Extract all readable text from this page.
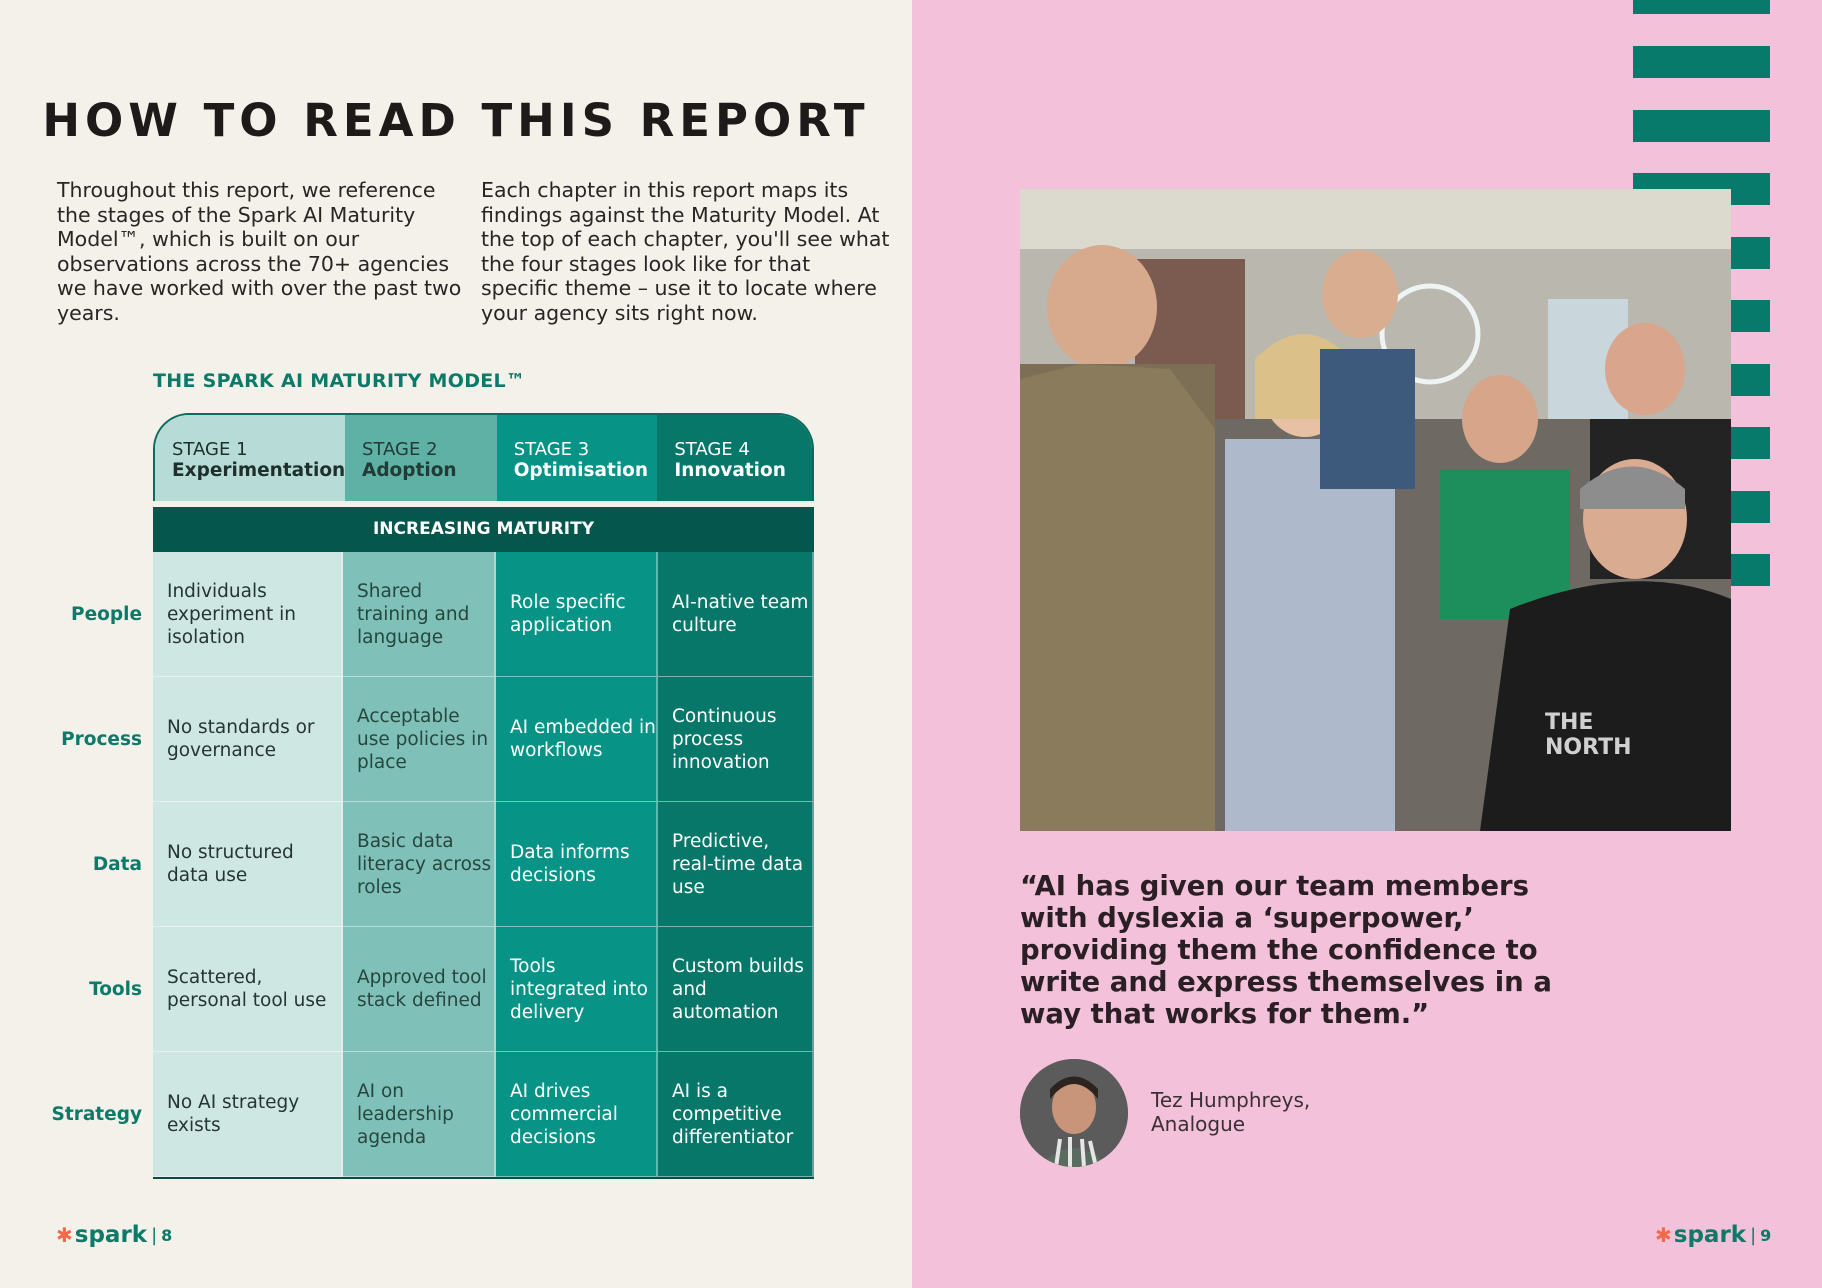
HOW TO READ THIS REPORT
Throughout this report, we reference the stages of the Spark AI Maturity Model™, which is built on our observations across the 70+ agencies we have worked with over the past two years.
Each chapter in this report maps its findings against the Maturity Model. At the top of each chapter, you'll see what the four stages look like for that specific theme – use it to locate where your agency sits right now.
THE SPARK AI MATURITY MODEL™
STAGE 1
Experimentation
STAGE 2
Adoption
STAGE 3
Optimisation
STAGE 4
Innovation
INCREASING MATURITY
People
Process
Data
Tools
Strategy
Individuals experiment in isolation
Shared training and language
Role specific application
AI-native team culture
No standards or governance
Acceptable use policies in place
AI embedded in workflows
Continuous process innovation
No structured data use
Basic data literacy across roles
Data informs decisions
Predictive, real-time data use
Scattered, personal tool use
Approved tool stack defined
Tools integrated into delivery
Custom builds and automation
No AI strategy exists
AI on leadership agenda
AI drives commercial decisions
AI is a competitive differentiator
✱ spark | 8
THE
NORTH
“AI has given our team members with dyslexia a ‘superpower,’ providing them the confidence to write and express themselves in a way that works for them.”
Tez Humphreys,
Analogue
✱ spark | 9
